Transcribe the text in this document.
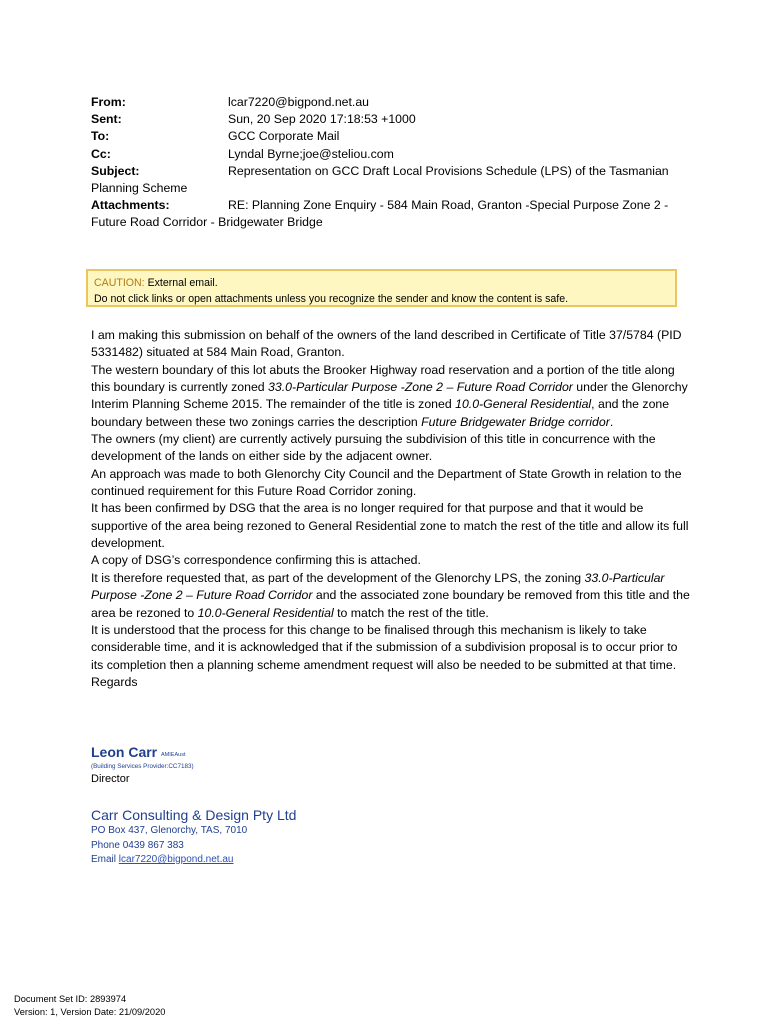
From:	lcar7220@bigpond.net.au
Sent:	Sun, 20 Sep 2020 17:18:53 +1000
To:	GCC Corporate Mail
Cc:	Lyndal Byrne;joe@steliou.com
Subject:	Representation on GCC Draft Local Provisions Schedule (LPS) of the Tasmanian
Planning Scheme
Attachments:	RE: Planning Zone Enquiry - 584 Main Road, Granton -Special Purpose Zone 2 -
Future Road Corridor - Bridgewater Bridge
CAUTION: External email.
Do not click links or open attachments unless you recognize the sender and know the content is safe.

I am making this submission on behalf of the owners of the land described in Certificate of Title 37/5784 (PID 5331482) situated at 584 Main Road, Granton.

The western boundary of this lot abuts the Brooker Highway road reservation and a portion of the title along this boundary is currently zoned 33.0-Particular Purpose -Zone 2 – Future Road Corridor under the Glenorchy Interim Planning Scheme 2015. The remainder of the title is zoned 10.0-General Residential, and the zone boundary between these two zonings carries the description Future Bridgewater Bridge corridor.

The owners (my client) are currently actively pursuing the subdivision of this title in concurrence with the development of the lands on either side by the adjacent owner.

An approach was made to both Glenorchy City Council and the Department of State Growth in relation to the continued requirement for this Future Road Corridor zoning.

It has been confirmed by DSG that the area is no longer required for that purpose and that it would be supportive of the area being rezoned to General Residential zone to match the rest of the title and allow its full development.

A copy of DSG’s correspondence confirming this is attached.

It is therefore requested that, as part of the development of the Glenorchy LPS, the zoning 33.0-Particular Purpose -Zone 2 – Future Road Corridor and the associated zone boundary be removed from this title and the area be rezoned to 10.0-General Residential to match the rest of the title.

It is understood that the process for this change to be finalised through this mechanism is likely to take considerable time, and it is acknowledged that if the submission of a subdivision proposal is to occur prior to its completion then a planning scheme amendment request will also be needed to be submitted at that time.

Regards

Leon Carr AMIEAust
(Building Services Provider:CC7183)
Director
Carr Consulting & Design Pty Ltd
PO Box 437, Glenorchy, TAS, 7010
Phone 0439 867 383
Email lcar7220@bigpond.net.au
Document Set ID: 2893974
Version: 1, Version Date: 21/09/2020
